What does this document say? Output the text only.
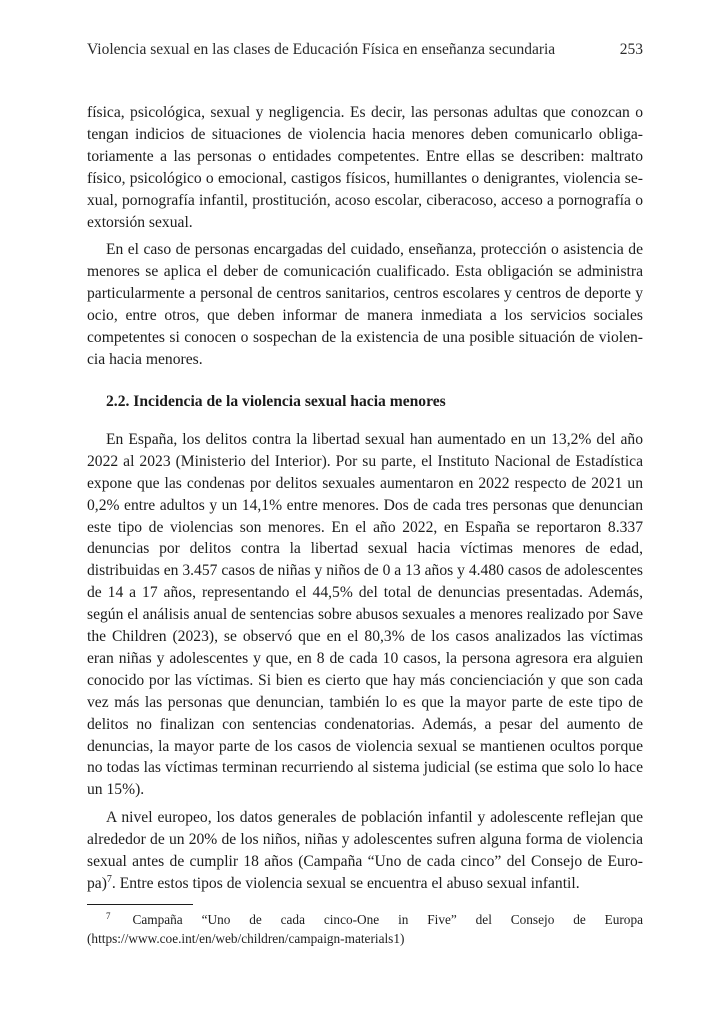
Violencia sexual en las clases de Educación Física en enseñanza secundaria	253

física, psicológica, sexual y negligencia. Es decir, las personas adultas que conozcan o tengan indicios de situaciones de violencia hacia menores deben comunicarlo obligatoriamente a las personas o entidades competentes. Entre ellas se describen: maltrato físico, psicológico o emocional, castigos físicos, humillantes o denigrantes, violencia sexual, pornografía infantil, prostitución, acoso escolar, ciberacoso, acceso a pornografía o extorsión sexual.

En el caso de personas encargadas del cuidado, enseñanza, protección o asistencia de menores se aplica el deber de comunicación cualificado. Esta obligación se administra particularmente a personal de centros sanitarios, centros escolares y centros de deporte y ocio, entre otros, que deben informar de manera inmediata a los servicios sociales competentes si conocen o sospechan de la existencia de una posible situación de violencia hacia menores.

2.2. Incidencia de la violencia sexual hacia menores

En España, los delitos contra la libertad sexual han aumentado en un 13,2% del año 2022 al 2023 (Ministerio del Interior). Por su parte, el Instituto Nacional de Estadística expone que las condenas por delitos sexuales aumentaron en 2022 respecto de 2021 un 0,2% entre adultos y un 14,1% entre menores. Dos de cada tres personas que denuncian este tipo de violencias son menores. En el año 2022, en España se reportaron 8.337 denuncias por delitos contra la libertad sexual hacia víctimas menores de edad, distribuidas en 3.457 casos de niñas y niños de 0 a 13 años y 4.480 casos de adolescentes de 14 a 17 años, representando el 44,5% del total de denuncias presentadas. Además, según el análisis anual de sentencias sobre abusos sexuales a menores realizado por Save the Children (2023), se observó que en el 80,3% de los casos analizados las víctimas eran niñas y adolescentes y que, en 8 de cada 10 casos, la persona agresora era alguien conocido por las víctimas. Si bien es cierto que hay más concienciación y que son cada vez más las personas que denuncian, también lo es que la mayor parte de este tipo de delitos no finalizan con sentencias condenatorias. Además, a pesar del aumento de denuncias, la mayor parte de los casos de violencia sexual se mantienen ocultos porque no todas las víctimas terminan recurriendo al sistema judicial (se estima que solo lo hace un 15%).

A nivel europeo, los datos generales de población infantil y adolescente reflejan que alrededor de un 20% de los niños, niñas y adolescentes sufren alguna forma de violencia sexual antes de cumplir 18 años (Campaña “Uno de cada cinco” del Consejo de Europa)$^7$. Entre estos tipos de violencia sexual se encuentra el abuso sexual infantil.

$^7$ Campaña “Uno de cada cinco-One in Five” del Consejo de Europa (https://www.coe.int/en/web/children/campaign-materials1)
